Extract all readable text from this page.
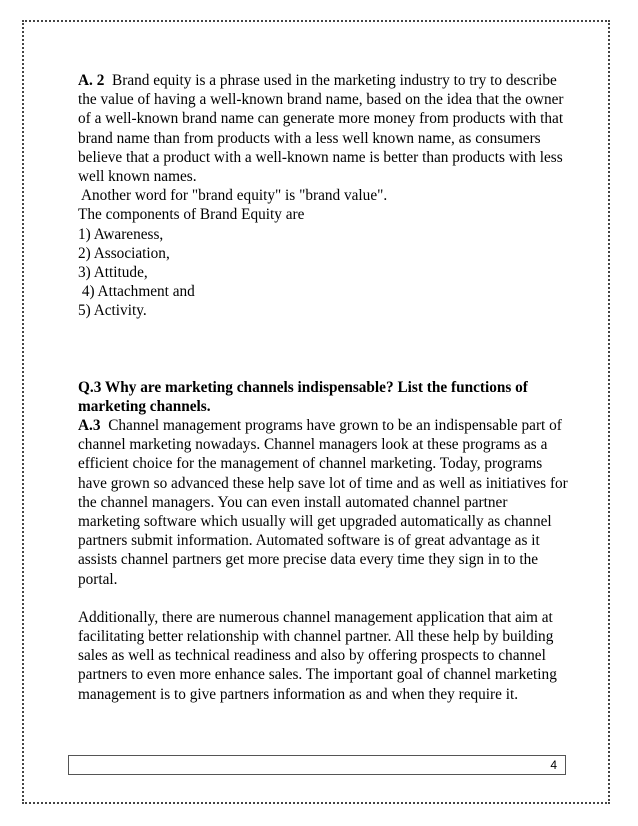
A. 2 Brand equity is a phrase used in the marketing industry to try to describe the value of having a well-known brand name, based on the idea that the owner of a well-known brand name can generate more money from products with that brand name than from products with a less well known name, as consumers believe that a product with a well-known name is better than products with less well known names.

Another word for "brand equity" is "brand value".

The components of Brand Equity are

1) Awareness,

2) Association,

3) Attitude,

4) Attachment and

5) Activity.

Q.3 Why are marketing channels indispensable? List the functions of marketing channels.

A.3 Channel management programs have grown to be an indispensable part of channel marketing nowadays. Channel managers look at these programs as a efficient choice for the management of channel marketing. Today, programs have grown so advanced these help save lot of time and as well as initiatives for the channel managers. You can even install automated channel partner marketing software which usually will get upgraded automatically as channel partners submit information. Automated software is of great advantage as it assists channel partners get more precise data every time they sign in to the portal.

Additionally, there are numerous channel management application that aim at facilitating better relationship with channel partner. All these help by building sales as well as technical readiness and also by offering prospects to channel partners to even more enhance sales. The important goal of channel marketing management is to give partners information as and when they require it.

4
